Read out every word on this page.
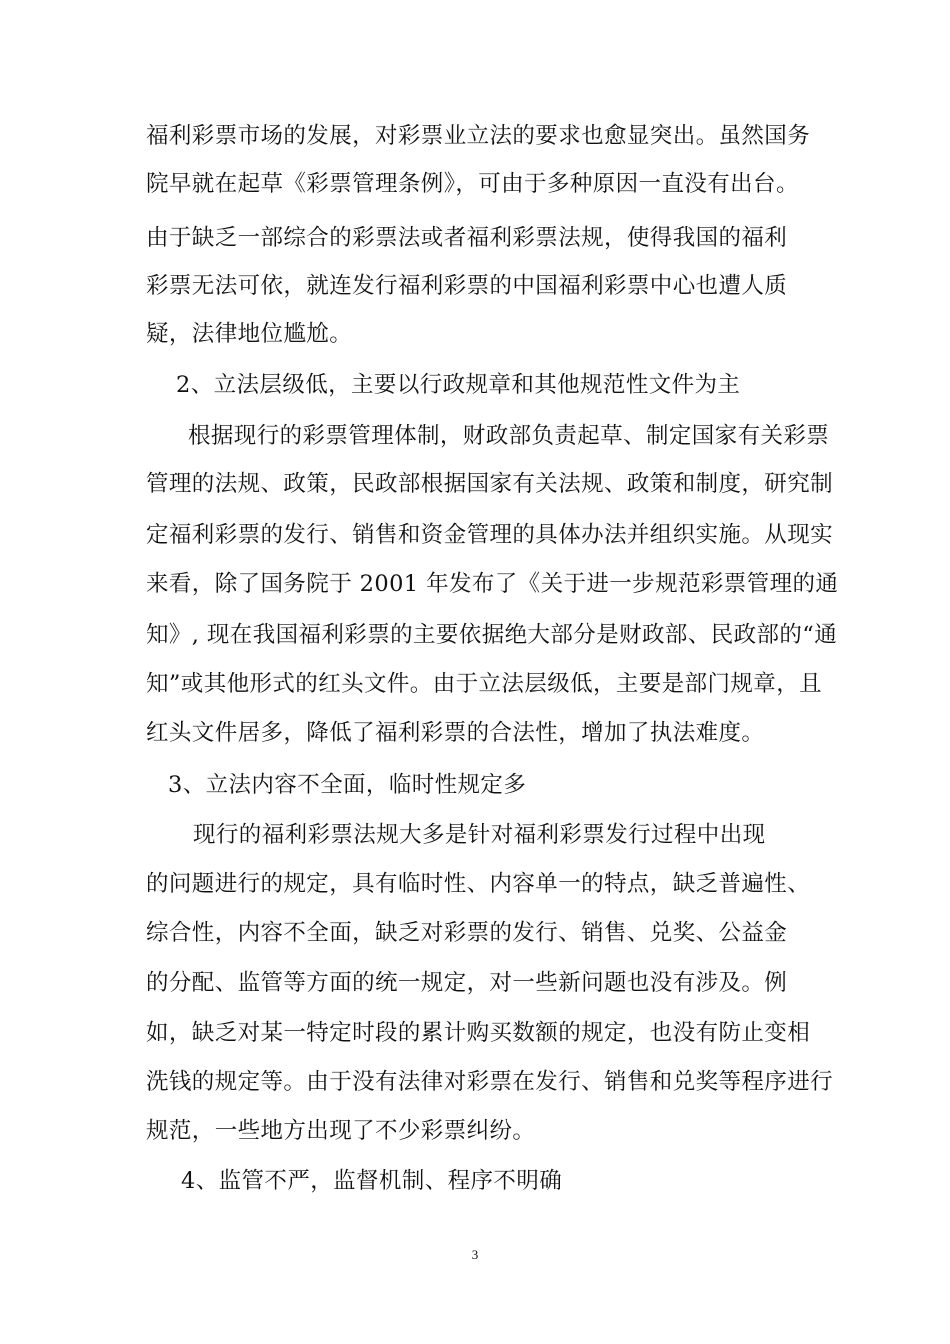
福利彩票市场的发展，对彩票业立法的要求也愈显突出。虽然国务
院早就在起草《彩票管理条例》，可由于多种原因一直没有出台。
由于缺乏一部综合的彩票法或者福利彩票法规，使得我国的福利
彩票无法可依，就连发行福利彩票的中国福利彩票中心也遭人质
疑，法律地位尴尬。
2、立法层级低，主要以行政规章和其他规范性文件为主
根据现行的彩票管理体制，财政部负责起草、制定国家有关彩票
管理的法规、政策，民政部根据国家有关法规、政策和制度，研究制
定福利彩票的发行、销售和资金管理的具体办法并组织实施。从现实
来看，除了国务院于 2001 年发布了《关于进一步规范彩票管理的通
知》, 现在我国福利彩票的主要依据绝大部分是财政部、民政部的“通
知”或其他形式的红头文件。由于立法层级低，主要是部门规章，且
红头文件居多，降低了福利彩票的合法性，增加了执法难度。
3、立法内容不全面，临时性规定多
现行的福利彩票法规大多是针对福利彩票发行过程中出现
的问题进行的规定，具有临时性、内容单一的特点，缺乏普遍性、
综合性，内容不全面，缺乏对彩票的发行、销售、兑奖、公益金
的分配、监管等方面的统一规定，对一些新问题也没有涉及。例
如，缺乏对某一特定时段的累计购买数额的规定，也没有防止变相
洗钱的规定等。由于没有法律对彩票在发行、销售和兑奖等程序进行
规范，一些地方出现了不少彩票纠纷。
4、监管不严，监督机制、程序不明确
3
